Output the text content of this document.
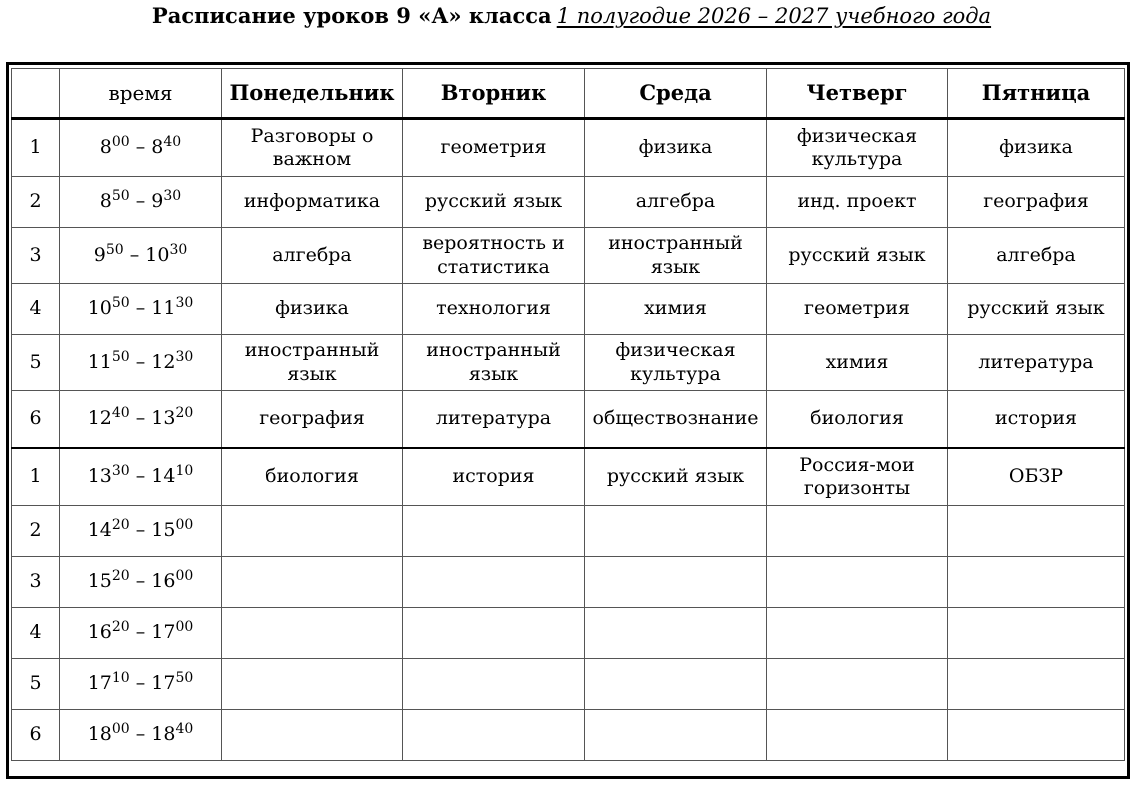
Расписание уроков 9 «А» класса 1 полугодие 2026 – 2027 учебного года
	время	Понедельник	Вторник	Среда	Четверг	Пятница
1	$8^{00} - 8^{40}$	Разговоры о важном	геометрия	физика	физическая культура	физика
2	$8^{50} - 9^{30}$	информатика	русский язык	алгебра	инд. проект	география
3	$9^{50} - 10^{30}$	алгебра	вероятность и статистика	иностранный язык	русский язык	алгебра
4	$10^{50} - 11^{30}$	физика	технология	химия	геометрия	русский язык
5	$11^{50} - 12^{30}$	иностранный язык	иностранный язык	физическая культура	химия	литература
6	$12^{40} - 13^{20}$	география	литература	обществознание	биология	история
1	$13^{30} - 14^{10}$	биология	история	русский язык	Россия-мои горизонты	ОБЗР
2	$14^{20} - 15^{00}$					
3	$15^{20} - 16^{00}$					
4	$16^{20} - 17^{00}$					
5	$17^{10} - 17^{50}$					
6	$18^{00} - 18^{40}$					
